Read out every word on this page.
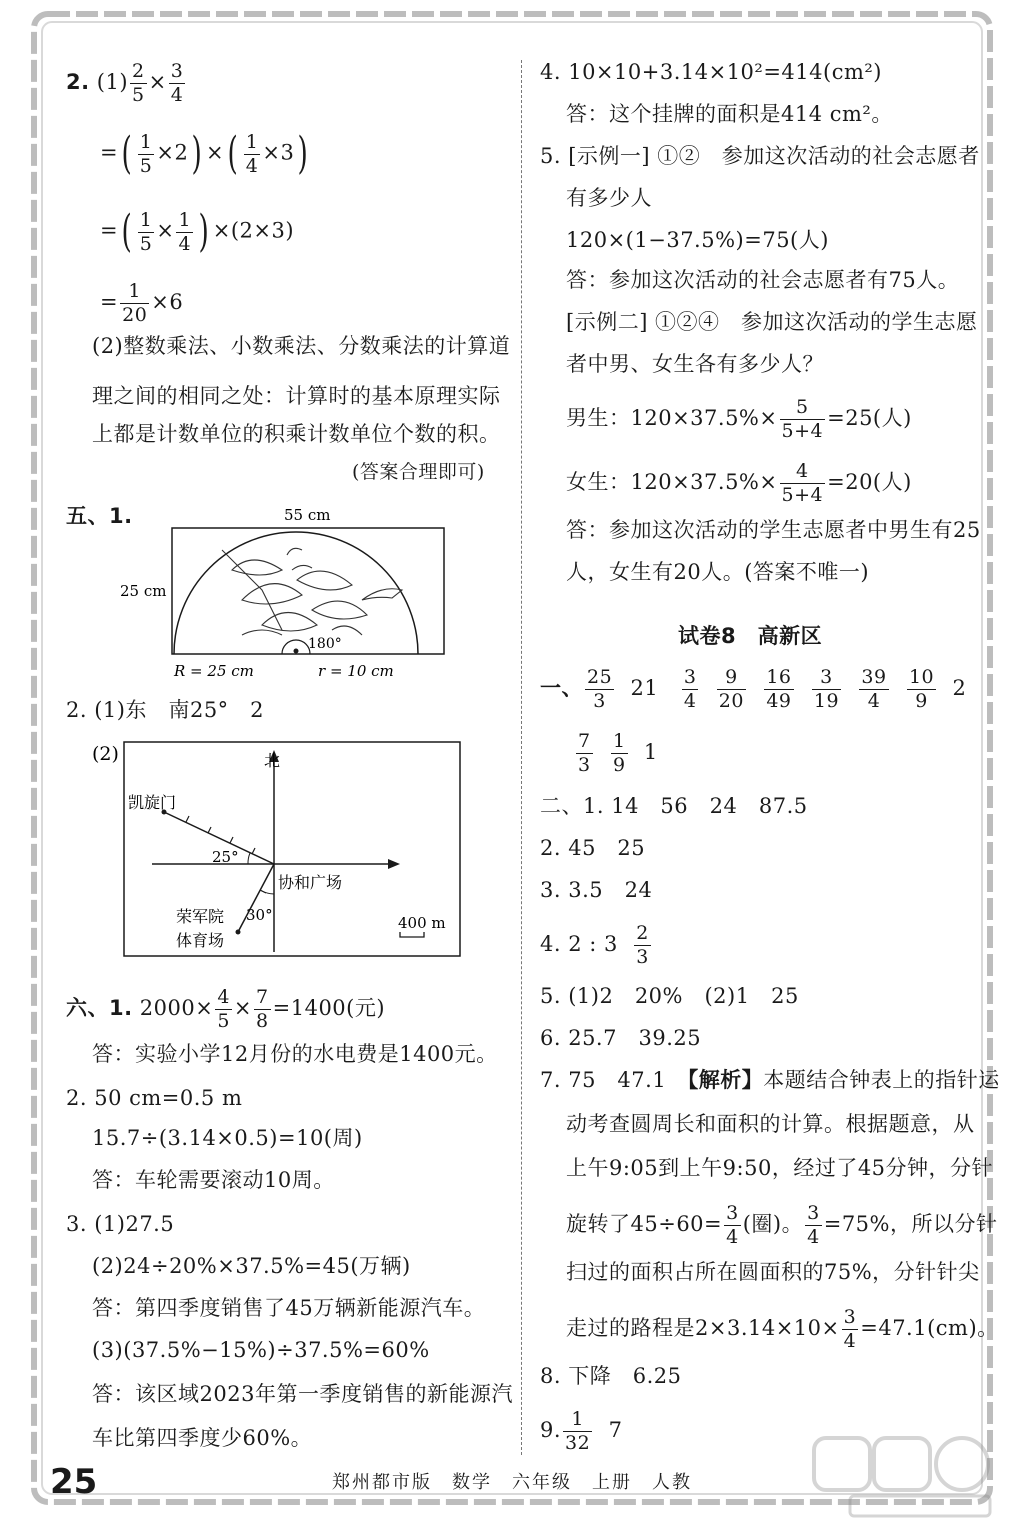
2. $(1) \frac{2}{5} \times \frac{3}{4}$
=( $\frac{1}{5} \times 2$) ×( $\frac{1}{4} \times 3$)
=( $\frac{1}{5} \times \frac{1}{4}$ ) ×(2×3)
= $\frac{1}{20} \times 6$
(2)整数乘法、小数乘法、分数乘法的计算道
理之间的相同之处：计算时的基本原理实际
上都是计数单位的积乘计数单位个数的积。
(答案合理即可)
五、1.	55 cm
25 cm
180°
R = 25 cm	r = 10 cm
2. (1)东　南25°　2
(2)	北
凯旋门
25°
30°
协和广场
荣军院
体育场
400 m
六、1. $2000\times \frac{4}{5} \times \frac{7}{8} =1400$(元)
答：实验小学12月份的水电费是1400元。
2. 50 cm=0.5 m
15.7÷(3.14×0.5)=10(周)
答：车轮需要滚动10周。
3. (1)27.5
(2)24÷20%×37.5%=45(万辆)
答：第四季度销售了45万辆新能源汽车。
(3)(37.5%−15%)÷37.5%=60%
答：该区域2023年第一季度销售的新能源汽
车比第四季度少60%。
4. 10×10+3.14×10²=414(cm²)
答：这个挂牌的面积是414 cm²。
5. [示例一] ①②　参加这次活动的社会志愿者
有多少人
120×(1−37.5%)=75(人)
答：参加这次活动的社会志愿者有75人。
[示例二] ①②④　参加这次活动的学生志愿
者中男、女生各有多少人？
男生：$120\times 37.5\%\times \frac{5}{5+4} =25$(人)
女生：$120\times 37.5\%\times \frac{4}{5+4} =20$(人)
答：参加这次活动的学生志愿者中男生有25
人，女生有20人。(答案不唯一)
试卷8　高新区
一、 $\frac{25}{3} 21 \frac{3}{4}$
$\frac{9}{20}$
$\frac{16}{49}$
$\frac{3}{19}$
$\frac{39}{4}$
$\frac{10}{9} 2$
$\frac{7}{3}$
$\frac{1}{9} 1$
二、1. 14　56　24　87.5
2. 45　25
3. 3.5　24
4. 2 : $3 \frac{2}{3}$
5. (1)2　20%　(2)1　25
6. 25.7　39.25
7. 75　47.1　【解析】本题结合钟表上的指针运
动考查圆周长和面积的计算。根据题意，从
上午9:05到上午9:50，经过了45分钟，分针
旋转了$45\div 60= \frac{3}{4}$ (圈)。 $\frac{3}{4} =75\%$，所以分针
扫过的面积占所在圆面积的75%，分针针尖
走过的路程是$2\times 3.14\times 10\times \frac{3}{4} =47.1(cm)$。
8. 下降　6.25
9. $\frac{1}{32} 7$
25	郑州都市版　数学　六年级　上册　人教
